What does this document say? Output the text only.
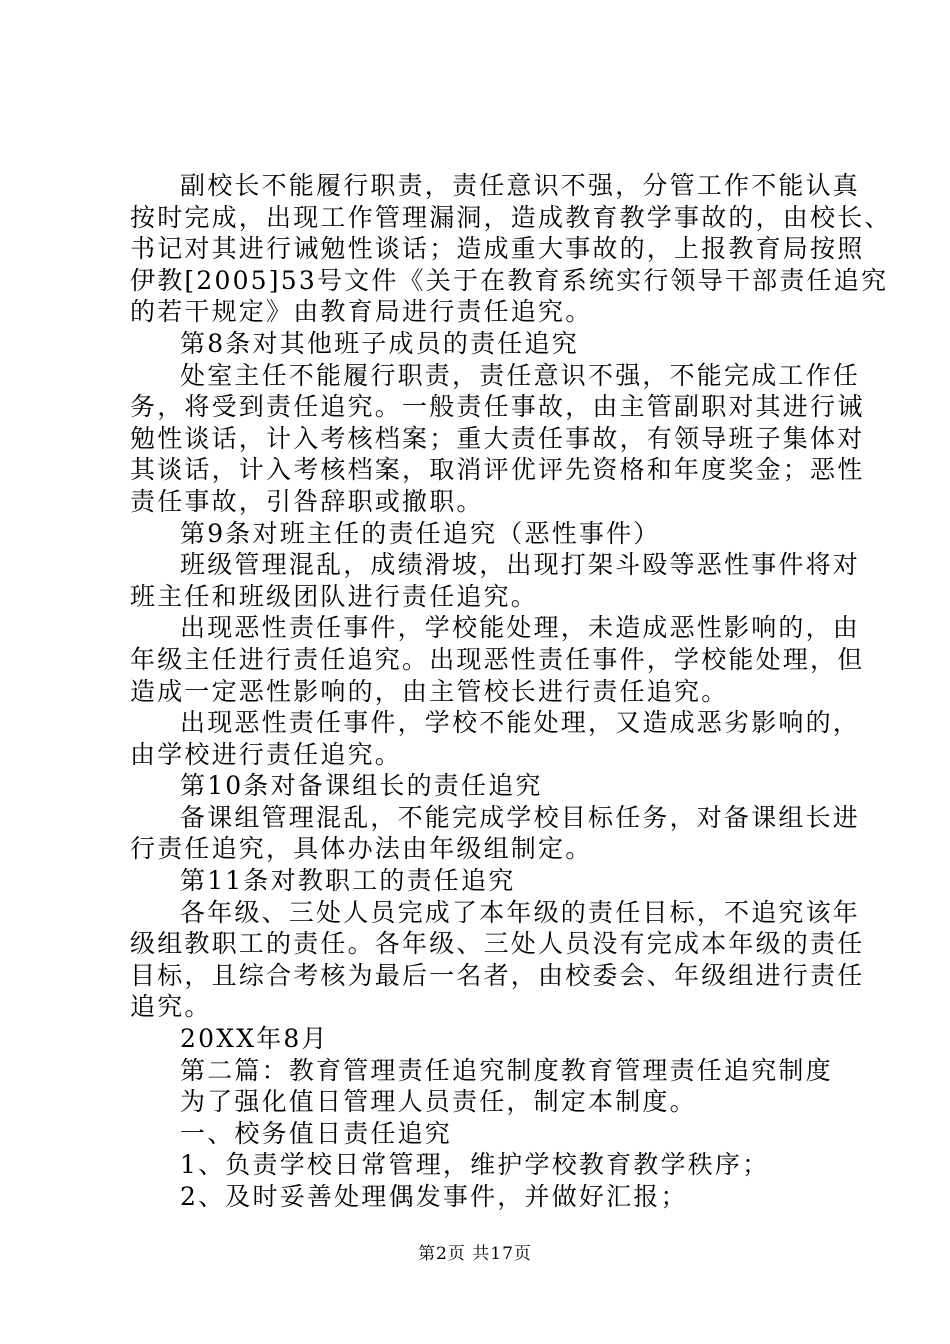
副校长不能履行职责，责任意识不强，分管工作不能认真
按时完成，出现工作管理漏洞，造成教育教学事故的，由校长、
书记对其进行诫勉性谈话；造成重大事故的，上报教育局按照
伊教[2005]53号文件《关于在教育系统实行领导干部责任追究
的若干规定》由教育局进行责任追究。
第8条对其他班子成员的责任追究
处室主任不能履行职责，责任意识不强，不能完成工作任
务，将受到责任追究。一般责任事故，由主管副职对其进行诫
勉性谈话，计入考核档案；重大责任事故，有领导班子集体对
其谈话，计入考核档案，取消评优评先资格和年度奖金；恶性
责任事故，引咎辞职或撤职。
第9条对班主任的责任追究（恶性事件）
班级管理混乱，成绩滑坡，出现打架斗殴等恶性事件将对
班主任和班级团队进行责任追究。
出现恶性责任事件，学校能处理，未造成恶性影响的，由
年级主任进行责任追究。出现恶性责任事件，学校能处理，但
造成一定恶性影响的，由主管校长进行责任追究。
出现恶性责任事件，学校不能处理，又造成恶劣影响的，
由学校进行责任追究。
第10条对备课组长的责任追究
备课组管理混乱，不能完成学校目标任务，对备课组长进
行责任追究，具体办法由年级组制定。
第11条对教职工的责任追究
各年级、三处人员完成了本年级的责任目标，不追究该年
级组教职工的责任。各年级、三处人员没有完成本年级的责任
目标，且综合考核为最后一名者，由校委会、年级组进行责任
追究。
20XX年8月
第二篇：教育管理责任追究制度教育管理责任追究制度
为了强化值日管理人员责任，制定本制度。
一、校务值日责任追究
1、负责学校日常管理，维护学校教育教学秩序；
2、及时妥善处理偶发事件，并做好汇报；
第2页 共17页
